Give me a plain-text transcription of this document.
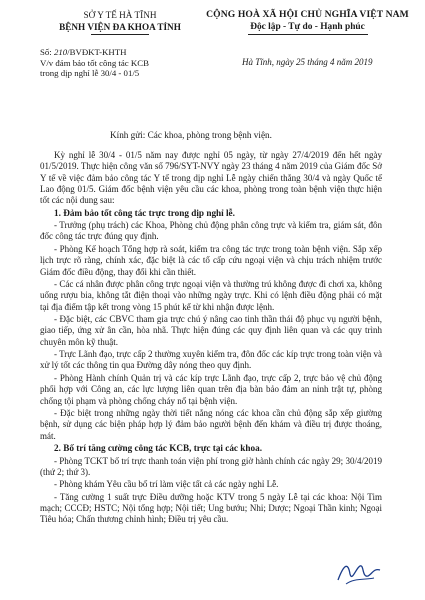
SỞ Y TẾ HÀ TĨNH
BỆNH VIỆN ĐA KHOA TỈNH
CỘNG HOÀ XÃ HỘI CHỦ NGHĨA VIỆT NAM
Độc lập - Tự do - Hạnh phúc
Số: 210/BVĐKT-KHTH
V/v đảm bảo tốt công tác KCB
trong dịp nghỉ lễ 30/4 - 01/5
Hà Tĩnh, ngày 25 tháng 4 năm 2019
Kính gửi: Các khoa, phòng trong bệnh viện.
Kỳ nghỉ lễ 30/4 - 01/5 năm nay được nghỉ 05 ngày, từ ngày 27/4/2019 đến hết ngày 01/5/2019. Thực hiện công văn số 796/SYT-NVY ngày 23 tháng 4 năm 2019 của Giám đốc Sở Y tế về việc đảm bảo công tác Y tế trong dịp nghỉ Lễ ngày chiến thắng 30/4 và ngày Quốc tế Lao động 01/5. Giám đốc bệnh viện yêu cầu các khoa, phòng trong toàn bệnh viện thực hiện tốt các nội dung sau:
1. Đảm bảo tốt công tác trực trong dịp nghỉ lễ.
- Trưởng (phụ trách) các Khoa, Phòng chủ động phân công trực và kiểm tra, giám sát, đôn đốc công tác trực đúng quy định.
- Phòng Kế hoạch Tổng hợp rà soát, kiểm tra công tác trực trong toàn bệnh viện. Sắp xếp lịch trực rõ ràng, chính xác, đặc biệt là các tổ cấp cứu ngoại viện và chịu trách nhiệm trước Giám đốc điều động, thay đổi khi cần thiết.
- Các cá nhân được phân công trực ngoại viện và thường trú không được đi chơi xa, không uống rượu bia, không tắt điện thoại vào những ngày trực. Khi có lệnh điều động phải có mặt tại địa điểm tập kết trong vòng 15 phút kể từ khi nhận được lệnh.
- Đặc biệt, các CBVC tham gia trực chú ý nâng cao tinh thần thái độ phục vụ người bệnh, giao tiếp, ứng xử ân cần, hòa nhã. Thực hiện đúng các quy định liên quan và các quy trình chuyên môn kỹ thuật.
- Trực Lãnh đạo, trực cấp 2 thường xuyên kiểm tra, đôn đốc các kíp trực trong toàn viện và xử lý tốt các thông tin qua Đường dây nóng theo quy định.
- Phòng Hành chính Quản trị và các kíp trực Lãnh đạo, trực cấp 2, trực bảo vệ chủ động phối hợp với Công an, các lực lượng liên quan trên địa bàn bảo đảm an ninh trật tự, phòng chống tội phạm và phòng chống cháy nổ tại bệnh viện.
- Đặc biệt trong những ngày thời tiết nắng nóng các khoa cần chủ động sắp xếp giường bệnh, sử dụng các biện pháp hợp lý đảm bảo người bệnh đến khám và điều trị được thoáng, mát.
2. Bố trí tăng cường công tác KCB, trực tại các khoa.
- Phòng TCKT bố trí trực thanh toán viện phí trong giờ hành chính các ngày 29; 30/4/2019 (thứ 2; thứ 3).
- Phòng khám Yêu cầu bố trí làm việc tất cả các ngày nghỉ Lễ.
- Tăng cường 1 suất trực Điều dưỡng hoặc KTV trong 5 ngày Lễ tại các khoa: Nội Tim mạch; CCCĐ; HSTC; Nội tổng hợp; Nội tiết; Ung bướu; Nhi; Dược; Ngoại Thần kinh; Ngoại Tiêu hóa; Chấn thương chỉnh hình; Điều trị yêu cầu.
